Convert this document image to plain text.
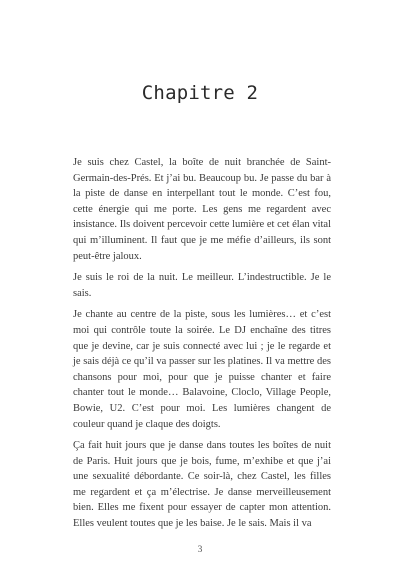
Chapitre 2

Je suis chez Castel, la boîte de nuit branchée de Saint-Germain-des-Prés. Et j’ai bu. Beaucoup bu. Je passe du bar à la piste de danse en interpellant tout le monde. C’est fou, cette énergie qui me porte. Les gens me regardent avec insistance. Ils doivent percevoir cette lumière et cet élan vital qui m’illuminent. Il faut que je me méfie d’ailleurs, ils sont peut-être jaloux.

Je suis le roi de la nuit. Le meilleur. L’indestructible. Je le sais.

Je chante au centre de la piste, sous les lumières… et c’est moi qui contrôle toute la soirée. Le DJ enchaîne des titres que je devine, car je suis connecté avec lui ; je le regarde et je sais déjà ce qu’il va passer sur les platines. Il va mettre des chansons pour moi, pour que je puisse chanter et faire chanter tout le monde… Balavoine, Cloclo, Village People, Bowie, U2. C’est pour moi. Les lumières changent de couleur quand je claque des doigts.

Ça fait huit jours que je danse dans toutes les boîtes de nuit de Paris. Huit jours que je bois, fume, m’exhibe et que j’ai une sexualité débordante. Ce soir-là, chez Castel, les filles me regardent et ça m’électrise. Je danse merveilleusement bien. Elles me fixent pour essayer de capter mon attention. Elles veulent toutes que je les baise. Je le sais. Mais il va

3
